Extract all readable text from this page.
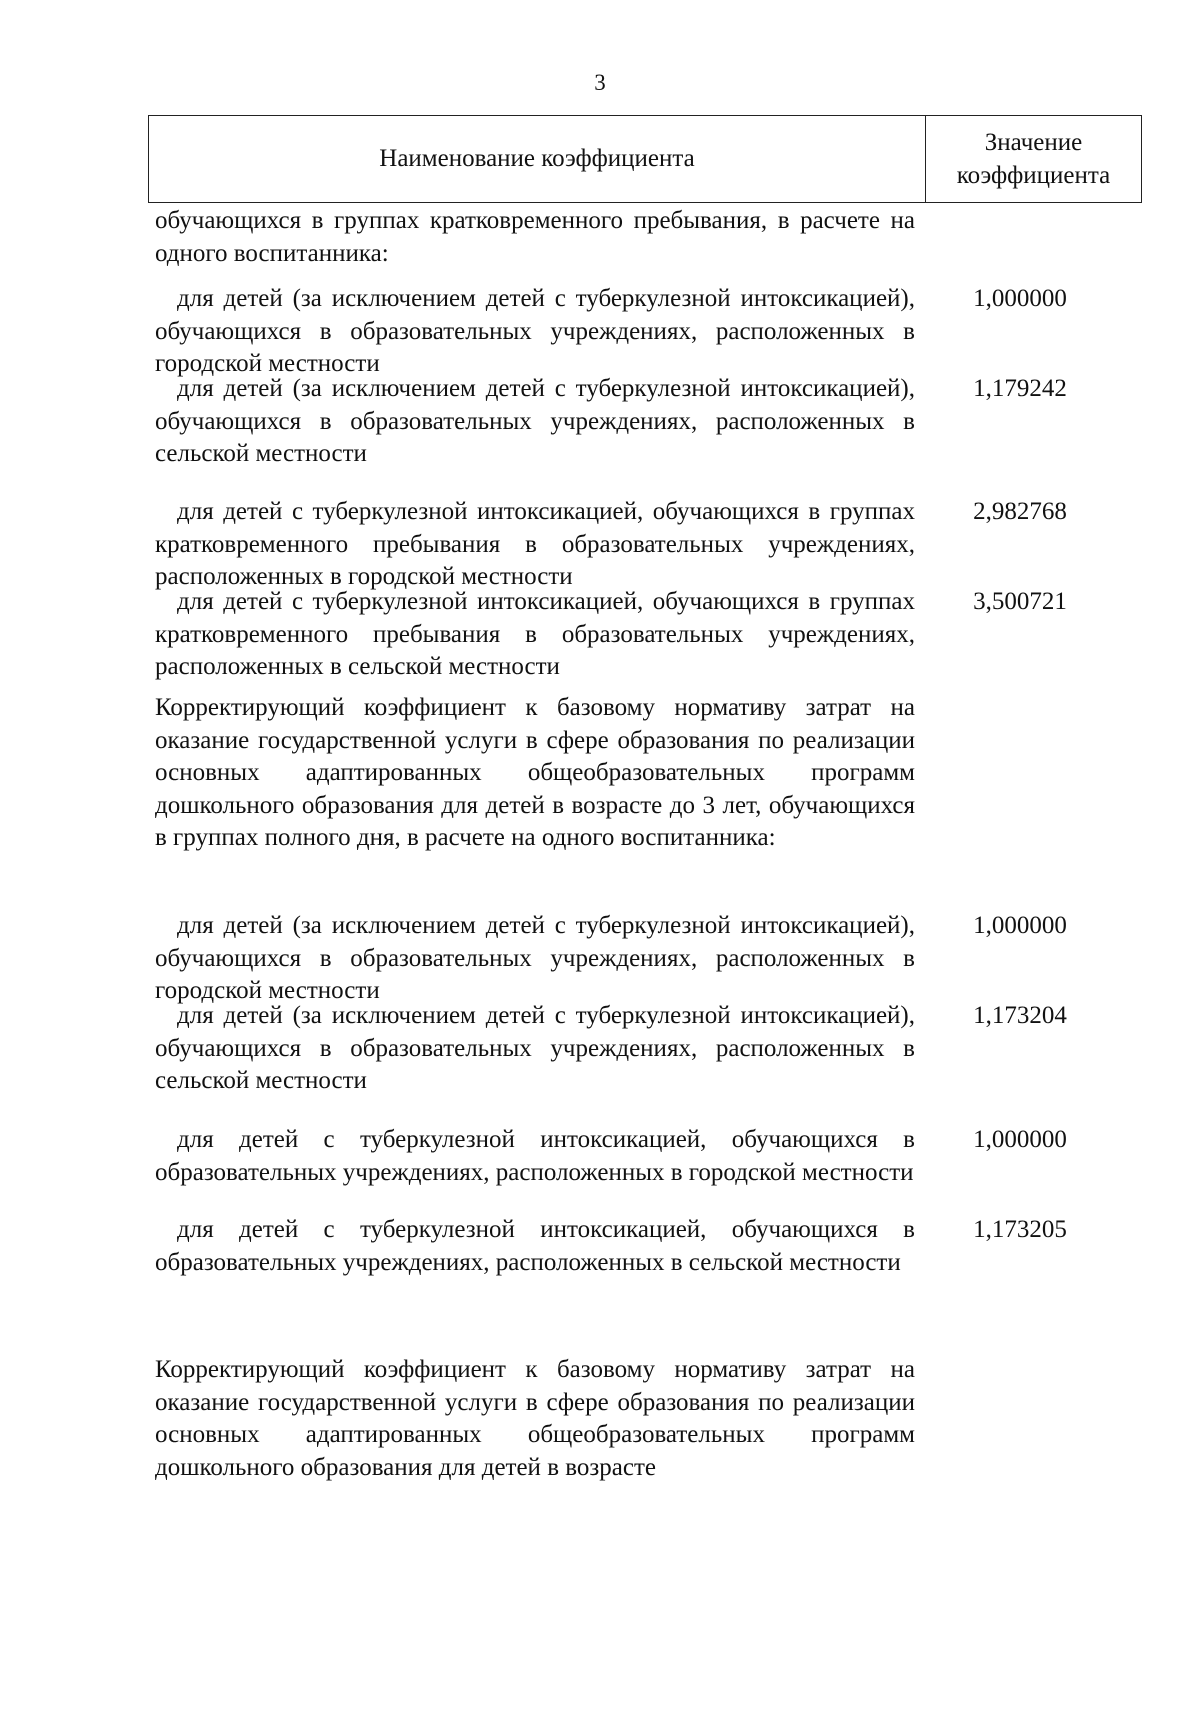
3
Наименование коэффициента
Значение коэффициента
обучающихся в группах кратковременного пребывания, в расчете на одного воспитанника:
для детей (за исключением детей с туберкулезной интоксикацией), обучающихся в образовательных учреждениях, расположенных в городской местности
1,000000
для детей (за исключением детей с туберкулезной интоксикацией), обучающихся в образовательных учреждениях, расположенных в сельской местности
1,179242
для детей с туберкулезной интоксикацией, обучающихся в группах кратковременного пребывания в образовательных учреждениях, расположенных в городской местности
2,982768
для детей с туберкулезной интоксикацией, обучающихся в группах кратковременного пребывания в образовательных учреждениях, расположенных в сельской местности
3,500721
Корректирующий коэффициент к базовому нормативу затрат на оказание государственной услуги в сфере образования по реализации основных адаптированных общеобразовательных программ дошкольного образования для детей в возрасте до 3 лет, обучающихся в группах полного дня, в расчете на одного воспитанника:
для детей (за исключением детей с туберкулезной интоксикацией), обучающихся в образовательных учреждениях, расположенных в городской местности
1,000000
для детей (за исключением детей с туберкулезной интоксикацией), обучающихся в образовательных учреждениях, расположенных в сельской местности
1,173204
для детей с туберкулезной интоксикацией, обучающихся в образовательных учреждениях, расположенных в городской местности
1,000000
для детей с туберкулезной интоксикацией, обучающихся в образовательных учреждениях, расположенных в сельской местности
1,173205
Корректирующий коэффициент к базовому нормативу затрат на оказание государственной услуги в сфере образования по реализации основных адаптированных общеобразовательных программ дошкольного образования для детей в возрасте
